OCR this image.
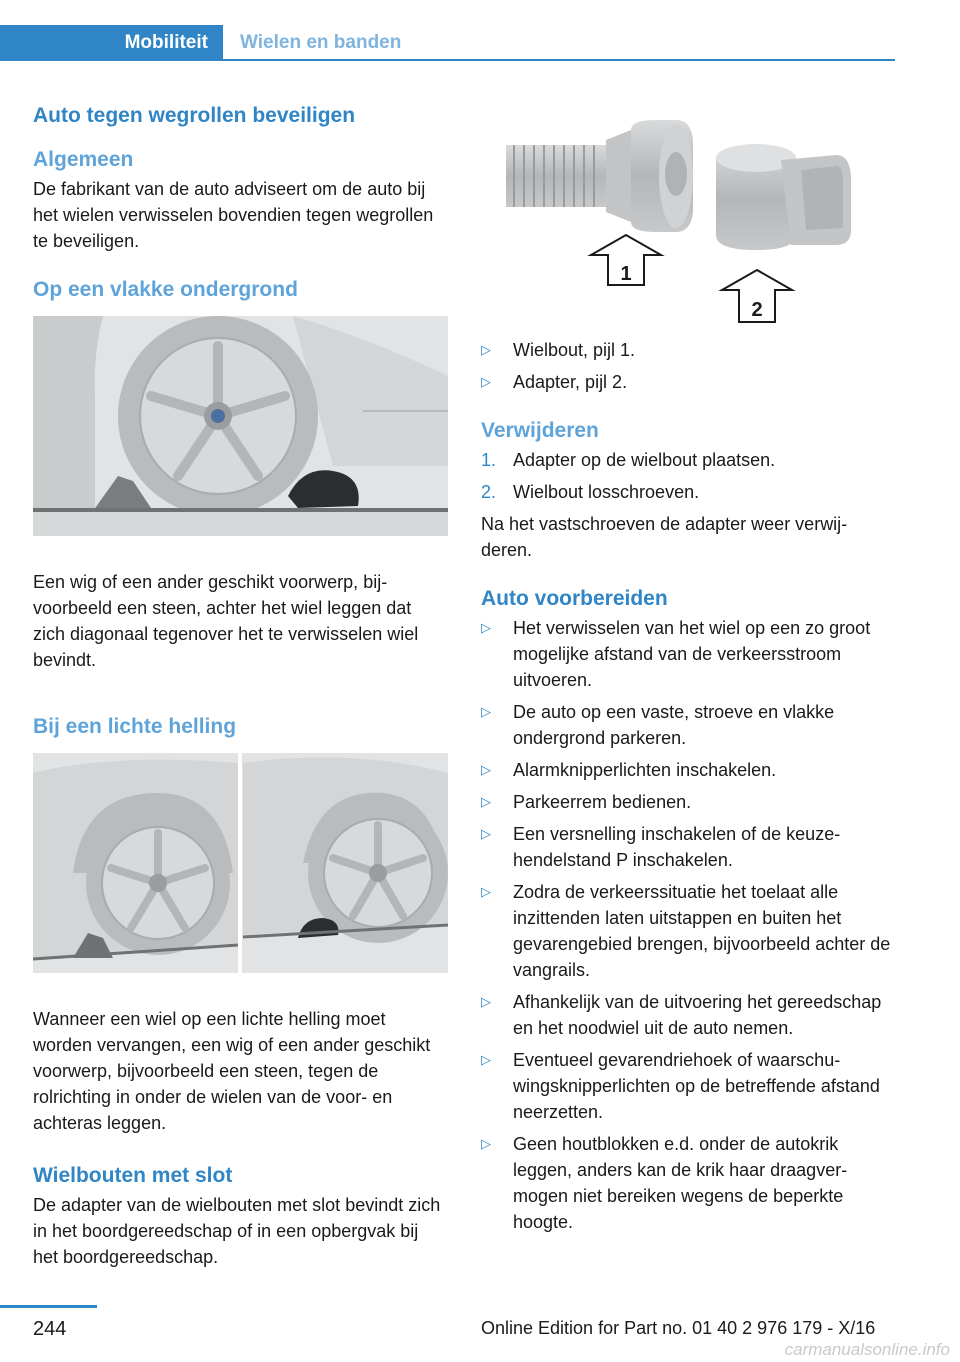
Mobiliteit	Wielen en banden
Auto tegen wegrollen beveiligen
Algemeen

De fabrikant van de auto adviseert om de auto bij het wielen verwisselen bovendien tegen wegrollen te beveiligen.

Op een vlakke ondergrond

Een wig of een ander geschikt voorwerp, bijvoorbeeld een steen, achter het wiel leggen dat zich diagonaal tegenover het te verwisselen wiel bevindt.

Bij een lichte helling

Wanneer een wiel op een lichte helling moet worden vervangen, een wig of een ander geschikt voorwerp, bijvoorbeeld een steen, tegen de rolrichting in onder de wielen van de voor- en achteras leggen.

Wielbouten met slot

De adapter van de wielbouten met slot bevindt zich in het boordgereedschap of in een opbergvak bij het boordgereedschap.

1
2
▷ Wielbout, pijl 1.
▷ Adapter, pijl 2.
Verwijderen
1. Adapter op de wielbout plaatsen.
2. Wielbout losschroeven.

Na het vastschroeven de adapter weer verwijderen.

Auto voorbereiden
▷ Het verwisselen van het wiel op een zo groot mogelijke afstand van de verkeersstroom uitvoeren.
▷ De auto op een vaste, stroeve en vlakke ondergrond parkeren.
▷ Alarmknipperlichten inschakelen.
▷ Parkeerrem bedienen.
▷ Een versnelling inschakelen of de keuzehendelstand P inschakelen.
▷ Zodra de verkeerssituatie het toelaat alle inzittenden laten uitstappen en buiten het gevarengebied brengen, bijvoorbeeld achter de vangrails.
▷ Afhankelijk van de uitvoering het gereedschap en het noodwiel uit de auto nemen.
▷ Eventueel gevarendriehoek of waarschuwingsknipperlichten op de betreffende afstand neerzetten.
▷ Geen houtblokken e.d. onder de autokrik leggen, anders kan de krik haar draagvermogen niet bereiken wegens de beperkte hoogte.
244	Online Edition for Part no. 01 40 2 976 179 - X/16
carmanualsonline.info
